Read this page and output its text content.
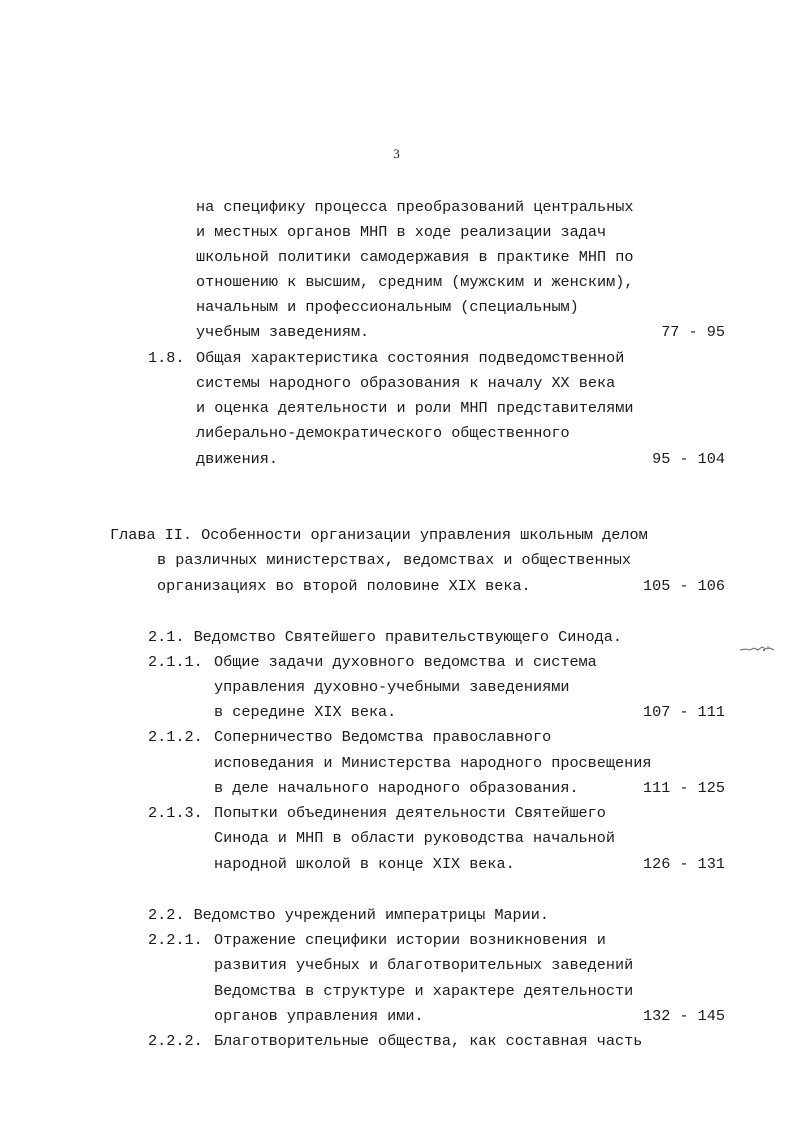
3
на специфику процесса преобразований центральных
и местных органов МНП в ходе реализации задач
школьной политики самодержавия в практике МНП по
отношению к высшим, средним (мужским и женским),
начальным и профессиональным (специальным)
учебным заведениям.	77 - 95
1.8. Общая характеристика состояния подведомственной
системы народного образования к началу XX века
и оценка деятельности и роли МНП представителями
либерально-демократического общественного
движения.	95 - 104
Глава II. Особенности организации управления школьным делом
в различных министерствах, ведомствах и общественных
организациях во второй половине XIX века.	105 - 106
2.1. Ведомство Святейшего правительствующего Синода.
2.1.1. Общие задачи духовного ведомства и система
управления духовно-учебными заведениями
в середине XIX века.	107 - 111
2.1.2. Соперничество Ведомства православного
исповедания и Министерства народного просвещения
в деле начального народного образования.	111 - 125
2.1.3. Попытки объединения деятельности Святейшего
Синода и МНП в области руководства начальной
народной школой в конце XIX века.	126 - 131
2.2. Ведомство учреждений императрицы Марии.
2.2.1. Отражение специфики истории возникновения и
развития учебных и благотворительных заведений
Ведомства в структуре и характере деятельности
органов управления ими.	132 - 145
2.2.2. Благотворительные общества, как составная часть
